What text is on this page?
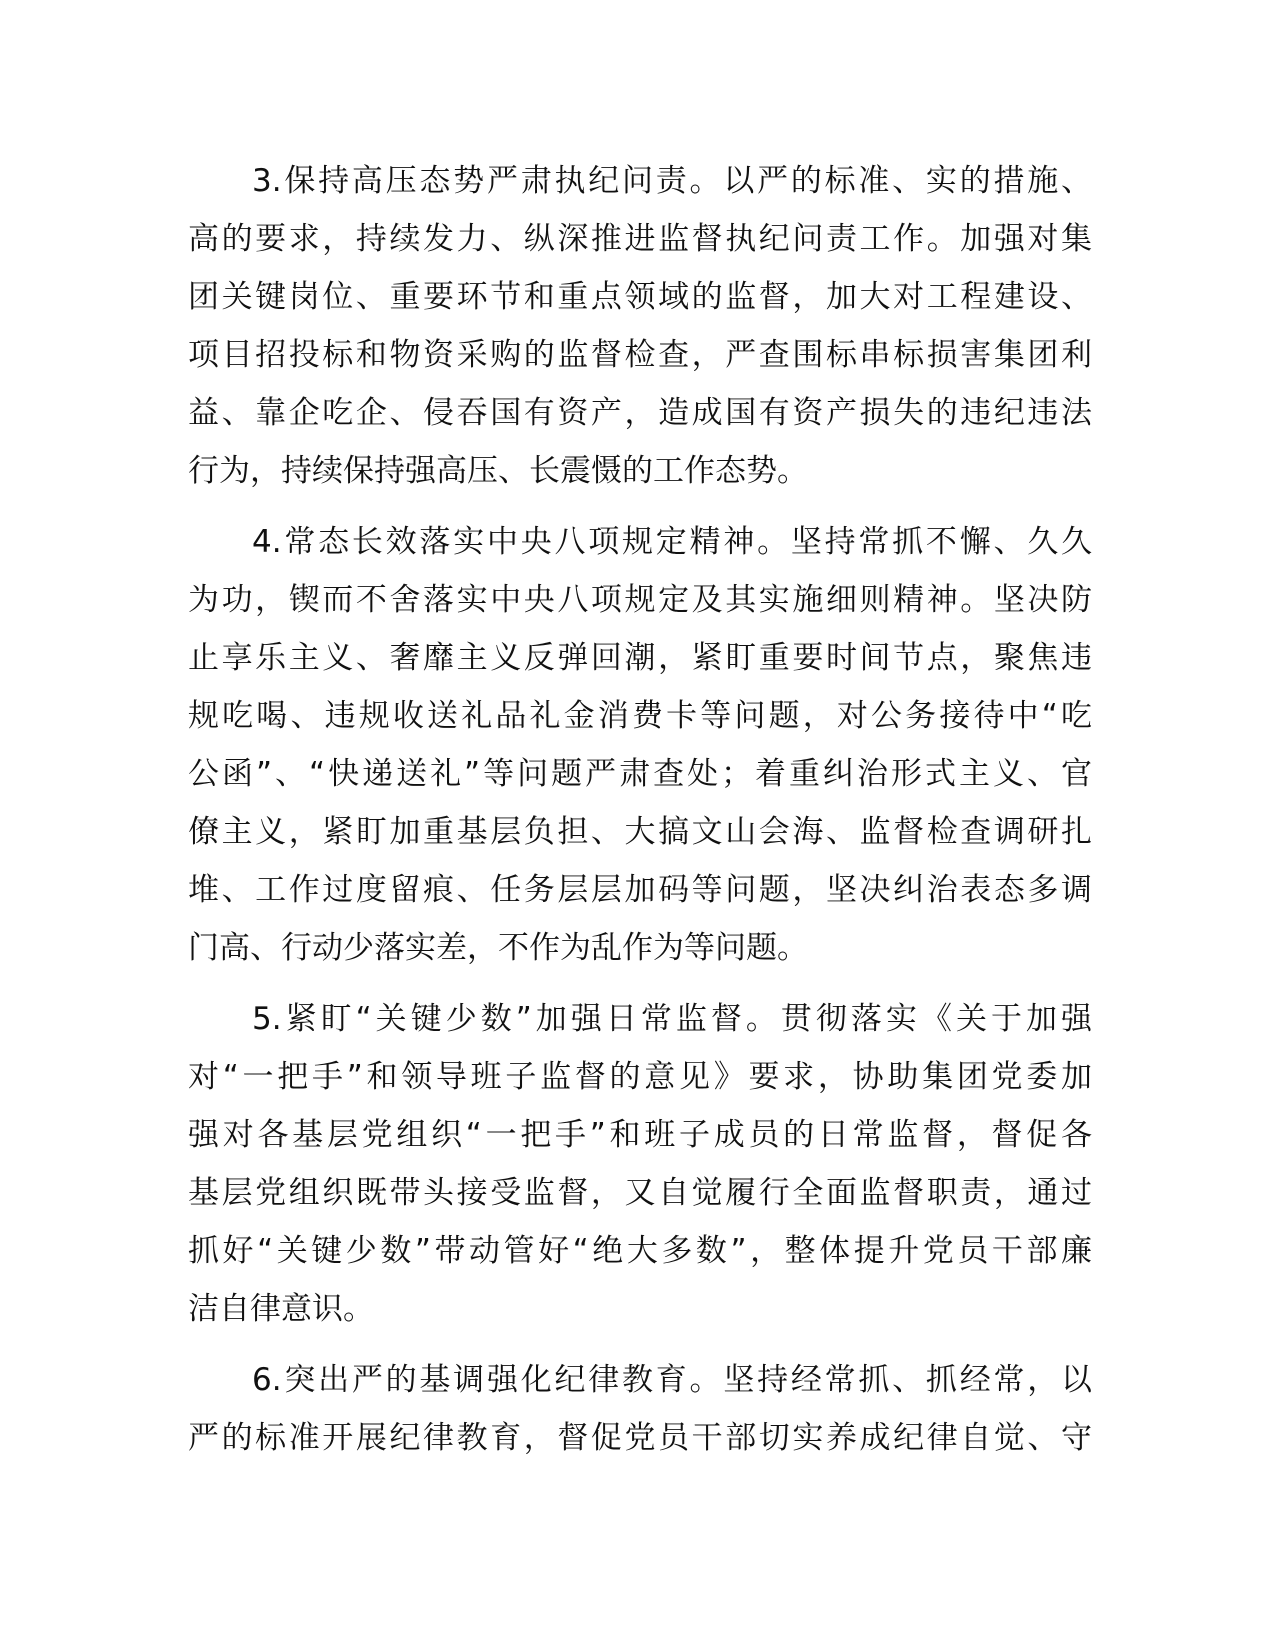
3.保持高压态势严肃执纪问责。以严的标准、实的措施、
高的要求，持续发力、纵深推进监督执纪问责工作。加强对集
团关键岗位、重要环节和重点领域的监督，加大对工程建设、
项目招投标和物资采购的监督检查，严查围标串标损害集团利
益、靠企吃企、侵吞国有资产，造成国有资产损失的违纪违法
行为，持续保持强高压、长震慑的工作态势。
4.常态长效落实中央八项规定精神。坚持常抓不懈、久久
为功，锲而不舍落实中央八项规定及其实施细则精神。坚决防
止享乐主义、奢靡主义反弹回潮，紧盯重要时间节点，聚焦违
规吃喝、违规收送礼品礼金消费卡等问题，对公务接待中“吃
公函”、“快递送礼”等问题严肃查处；着重纠治形式主义、官
僚主义，紧盯加重基层负担、大搞文山会海、监督检查调研扎
堆、工作过度留痕、任务层层加码等问题，坚决纠治表态多调
门高、行动少落实差，不作为乱作为等问题。
5.紧盯“关键少数”加强日常监督。贯彻落实《关于加强
对“一把手”和领导班子监督的意见》要求，协助集团党委加
强对各基层党组织“一把手”和班子成员的日常监督，督促各
基层党组织既带头接受监督，又自觉履行全面监督职责，通过
抓好“关键少数”带动管好“绝大多数”，整体提升党员干部廉
洁自律意识。
6.突出严的基调强化纪律教育。坚持经常抓、抓经常，以
严的标准开展纪律教育，督促党员干部切实养成纪律自觉、守
